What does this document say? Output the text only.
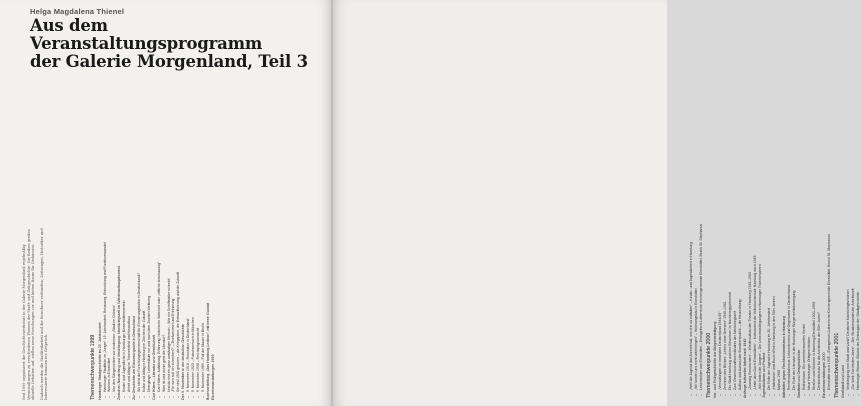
Helga Magdalena Thienel
Aus dem Veranstaltungsprogramm
der Galerie Morgenland, Teil 3

Seit 1999 organisiert die Geschichtswerkstatt in der Galerie Morgenland regelmäßig Veranstaltungen zu verschiedenen Themen der Stadt- und Zeitgeschichte. Die Reihen greifen aktuelle Debatten auf, stellen neue Forschungen vor und bieten Raum für Diskussion. Dadurch werden die Stadtteilarbeit und die Bewohner verbunden; Zeitzeugen, Historiker und Interessierte kommen ins Gespräch.	Themenschwerpunkte 1999 Hamburger Stadtgeschichte im 20. Jahrhundert – Hamburger Stadtteile im „Junger“ 19. Jahrhundert, Bebauung, Entwicklung und Funktionswandel – Wohnen in Eimsbüttel – Von den Gängevierteln zur modernen „Stadt im Grünen“ Zwischen Neuanfang und Verdrängung: Nachkriegszeit im Wiederaufbaujahrzehnt – Kinder und Jugendliche in Hamburger Nissenhüttenvierteln – Arbeit und Alltag im Trümmerfeld und Neuaufbau Zur Geschichte der Erinnerungsorte in Deutschland – Wo steht die Forschungsgemeinschaft für Erinnerungskultur in Deutschland? – Kultur und Alltag in Hamburg im Zeichen der Zukunft – Übergänge: Lebensläufe vor und nach dem Zweiten Weltkrieg Carl Hüters – Literatur und Gesellschaft – Carl Hüters: Aufklärung, Erfahrung, historische Wahrheit oder „sittliche Anschauung“ – Was ist und wohin geht die Literatur? – Und du bist ein ganz anständiger Mensch – Wie ein Schriftsteller schreibt – „Für wen soll ich schreiben?“ – Briefwechsel und Erinnerung – Sie sind 1900 geboren – die Kriegsjahre, die Entnazifizierung und die Zukunft Der 9. November in der deutschen Geschichte – 9. November 1918 – Revolution in Deutschland – 9. November 1923 – Putschversuch in München – 9. November 1938 – Reichspogromnacht – 9. November 1989 – Fall der Mauer in Berlin Buchvorstellung: „Das Hamburg-Lexikon“, mit Irene Guddat Einzelveranstaltungen 1999	– „Weil die Jugend das Anrecht hat, sich frei zu entfalten“ – Kinder- und Jugendarbeit in Hamburg – „Wir lassen uns nicht unterkriegen“ – Wohnungsbau in Eimsbüttel – Lebensbilder aus Eimsbüttel – Evangelisch-Lutherische Kirchengemeinde Eimsbüttel, Bezirk St. Stephanus Themenschwerpunkte 2000 Vor- und Frühgeschichte der Bürgerbeteiligung – „Verwaltungen im besetzten Deutschland 1944/45“ – Zeichnen des Blickes: „Leben ohne Grenzen“ 1945–1961 – Die Stadt Hamburg und ihre Bewohner im Nachkriegsjahrzehnt – Zum Gewerkschaftsverständnis der Nachkriegszeit – Aufbau und Ausbau der Bundesrepublik – die Neuordnung Anfänge kultureller Arbeit nach 1945 – „Zwanzig Geschichten“ – Wiederaufbau der Theater in Hamburg 1945–1960 – „Unter dem Dach Eimsbüttels“ – Kulturarbeit der Volkshochschule Hamburg nach 1945 – „Wie lebten die Jungen“ – Die Lebensbedingungen in Hamburger Trümmerjahren Jugendkulturen und Protest – Die Rolle der Jugend in Hamburg im 20. Jahrhundert – „Halbstarke“ und Rock’n’Roll in Hamburg in den 50er Jahren – Mythos 1968 Aktivitäten gegen Rechtsextremismus in Hamburg – Rechtsradikalismus: Lebensformen und Gegenwehr in Deutschland – Die Rolle der Literatur in der Hamburger Bürgerrechtsbewegung Stadtteile und Ortsgeschichte – Rotherbaum: Ein bemerkenswertes Viertel – Neue Hamburger Ortsgeschichten – Straßen und Wohnen in Hamburg-Eimsbüttel 1900–1968 – Denkmalschutz für die Architektur der 60er Jahre? Einzelveranstaltungen 2000 – Eimsbüttel nach 1945 – Evangelisch-Lutherische Kirchengemeinde Eimsbüttel, Bezirk St. Stephanus Themenschwerpunkte 2001 Großstadt und Land – Verdrängung von Stadt und Land? Deutsche Nachkriegsvisionen – „Zur Welt: Die letzten Jahre“ – Der Strukturwandel der Arbeitswelt – Hamburger Bäume: Bäume als Zeitzeugen der Stadtgeschichte
